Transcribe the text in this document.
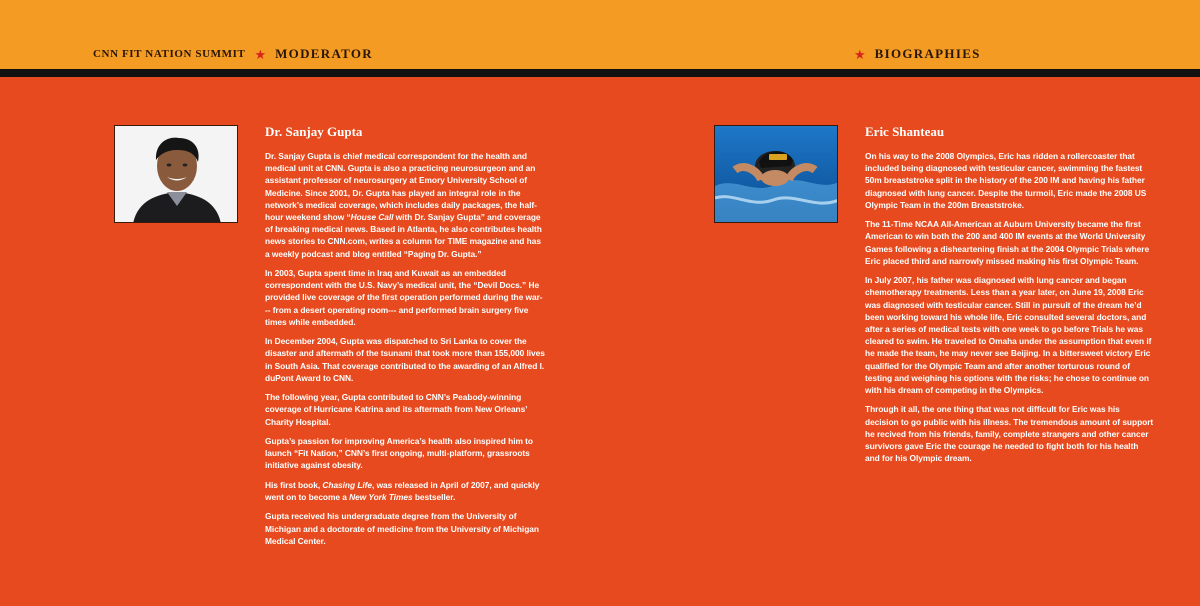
CNN FIT NATION SUMMIT ★ MODERATOR	★ BIOGRAPHIES
Dr. Sanjay Gupta

Dr. Sanjay Gupta is chief medical correspondent for the health and medical unit at CNN. Gupta is also a practicing neurosurgeon and an assistant professor of neurosurgery at Emory University School of Medicine. Since 2001, Dr. Gupta has played an integral role in the network’s medical coverage, which includes daily packages, the half-hour weekend show “House Call with Dr. Sanjay Gupta” and coverage of breaking medical news. Based in Atlanta, he also contributes health news stories to CNN.com, writes a column for TIME magazine and has a weekly podcast and blog entitled “Paging Dr. Gupta.”

In 2003, Gupta spent time in Iraq and Kuwait as an embedded correspondent with the U.S. Navy’s medical unit, the “Devil Docs.” He provided live coverage of the first operation performed during the war--- from a desert operating room--- and performed brain surgery five times while embedded.

In December 2004, Gupta was dispatched to Sri Lanka to cover the disaster and aftermath of the tsunami that took more than 155,000 lives in South Asia. That coverage contributed to the awarding of an Alfred I. duPont Award to CNN.

The following year, Gupta contributed to CNN’s Peabody-winning coverage of Hurricane Katrina and its aftermath from New Orleans’ Charity Hospital.

Gupta’s passion for improving America’s health also inspired him to launch “Fit Nation,” CNN’s first ongoing, multi-platform, grassroots initiative against obesity.

His first book, Chasing Life, was released in April of 2007, and quickly went on to become a New York Times bestseller.

Gupta received his undergraduate degree from the University of Michigan and a doctorate of medicine from the University of Michigan Medical Center.

Eric Shanteau

On his way to the 2008 Olympics, Eric has ridden a rollercoaster that included being diagnosed with testicular cancer, swimming the fastest 50m breaststroke split in the history of the 200 IM and having his father diagnosed with lung cancer. Despite the turmoil, Eric made the 2008 US Olympic Team in the 200m Breaststroke.

The 11-Time NCAA All-American at Auburn University became the first American to win both the 200 and 400 IM events at the World University Games following a disheartening finish at the 2004 Olympic Trials where Eric placed third and narrowly missed making his first Olympic Team.

In July 2007, his father was diagnosed with lung cancer and began chemotherapy treatments. Less than a year later, on June 19, 2008 Eric was diagnosed with testicular cancer. Still in pursuit of the dream he’d been working toward his whole life, Eric consulted several doctors, and after a series of medical tests with one week to go before Trials he was cleared to swim. He traveled to Omaha under the assumption that even if he made the team, he may never see Beijing. In a bittersweet victory Eric qualified for the Olympic Team and after another torturous round of testing and weighing his options with the risks; he chose to continue on with his dream of competing in the Olympics.

Through it all, the one thing that was not difficult for Eric was his decision to go public with his illness. The tremendous amount of support he recived from his friends, family, complete strangers and other cancer survivors gave Eric the courage he needed to fight both for his health and for his Olympic dream.
